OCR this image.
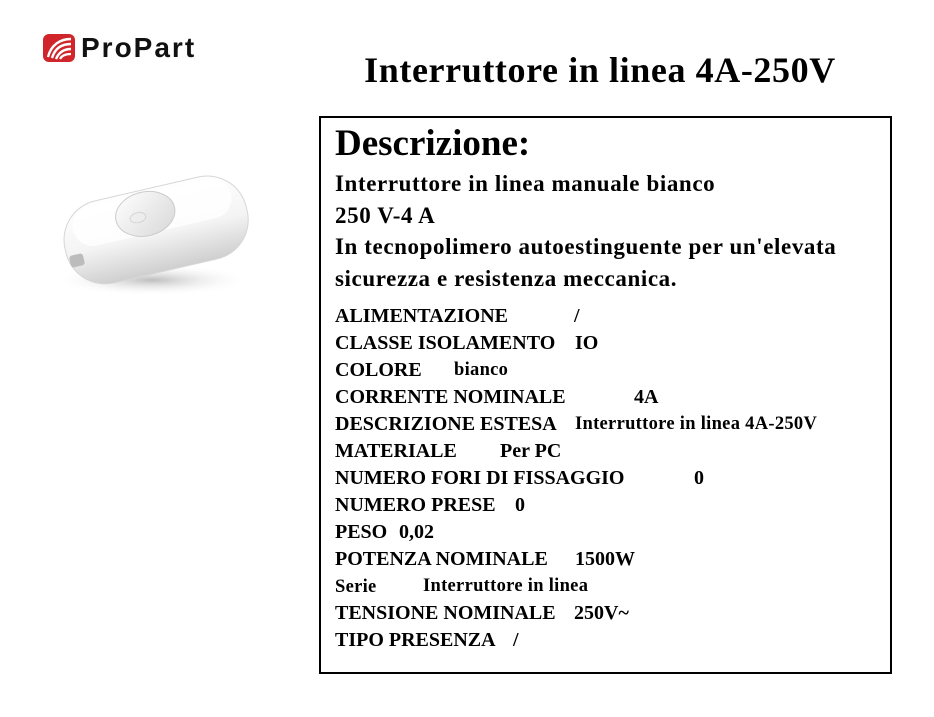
ProPart
Interruttore in linea 4A-250V
Descrizione:
Interruttore in linea manuale bianco
250 V-4 A
In tecnopolimero autoestinguente per un'elevata
sicurezza e resistenza meccanica.
ALIMENTAZIONE	/
CLASSE ISOLAMENTO IO
COLORE bianco
CORRENTE NOMINALE	4A
DESCRIZIONE ESTESA Interruttore in linea 4A-250V
MATERIALE Per PC
NUMERO FORI DI FISSAGGIO	0
NUMERO PRESE 0
PESO 0,02
POTENZA NOMINALE 1500W
Serie	Interruttore in linea
TENSIONE NOMINALE 250V~
TIPO PRESENZA /
